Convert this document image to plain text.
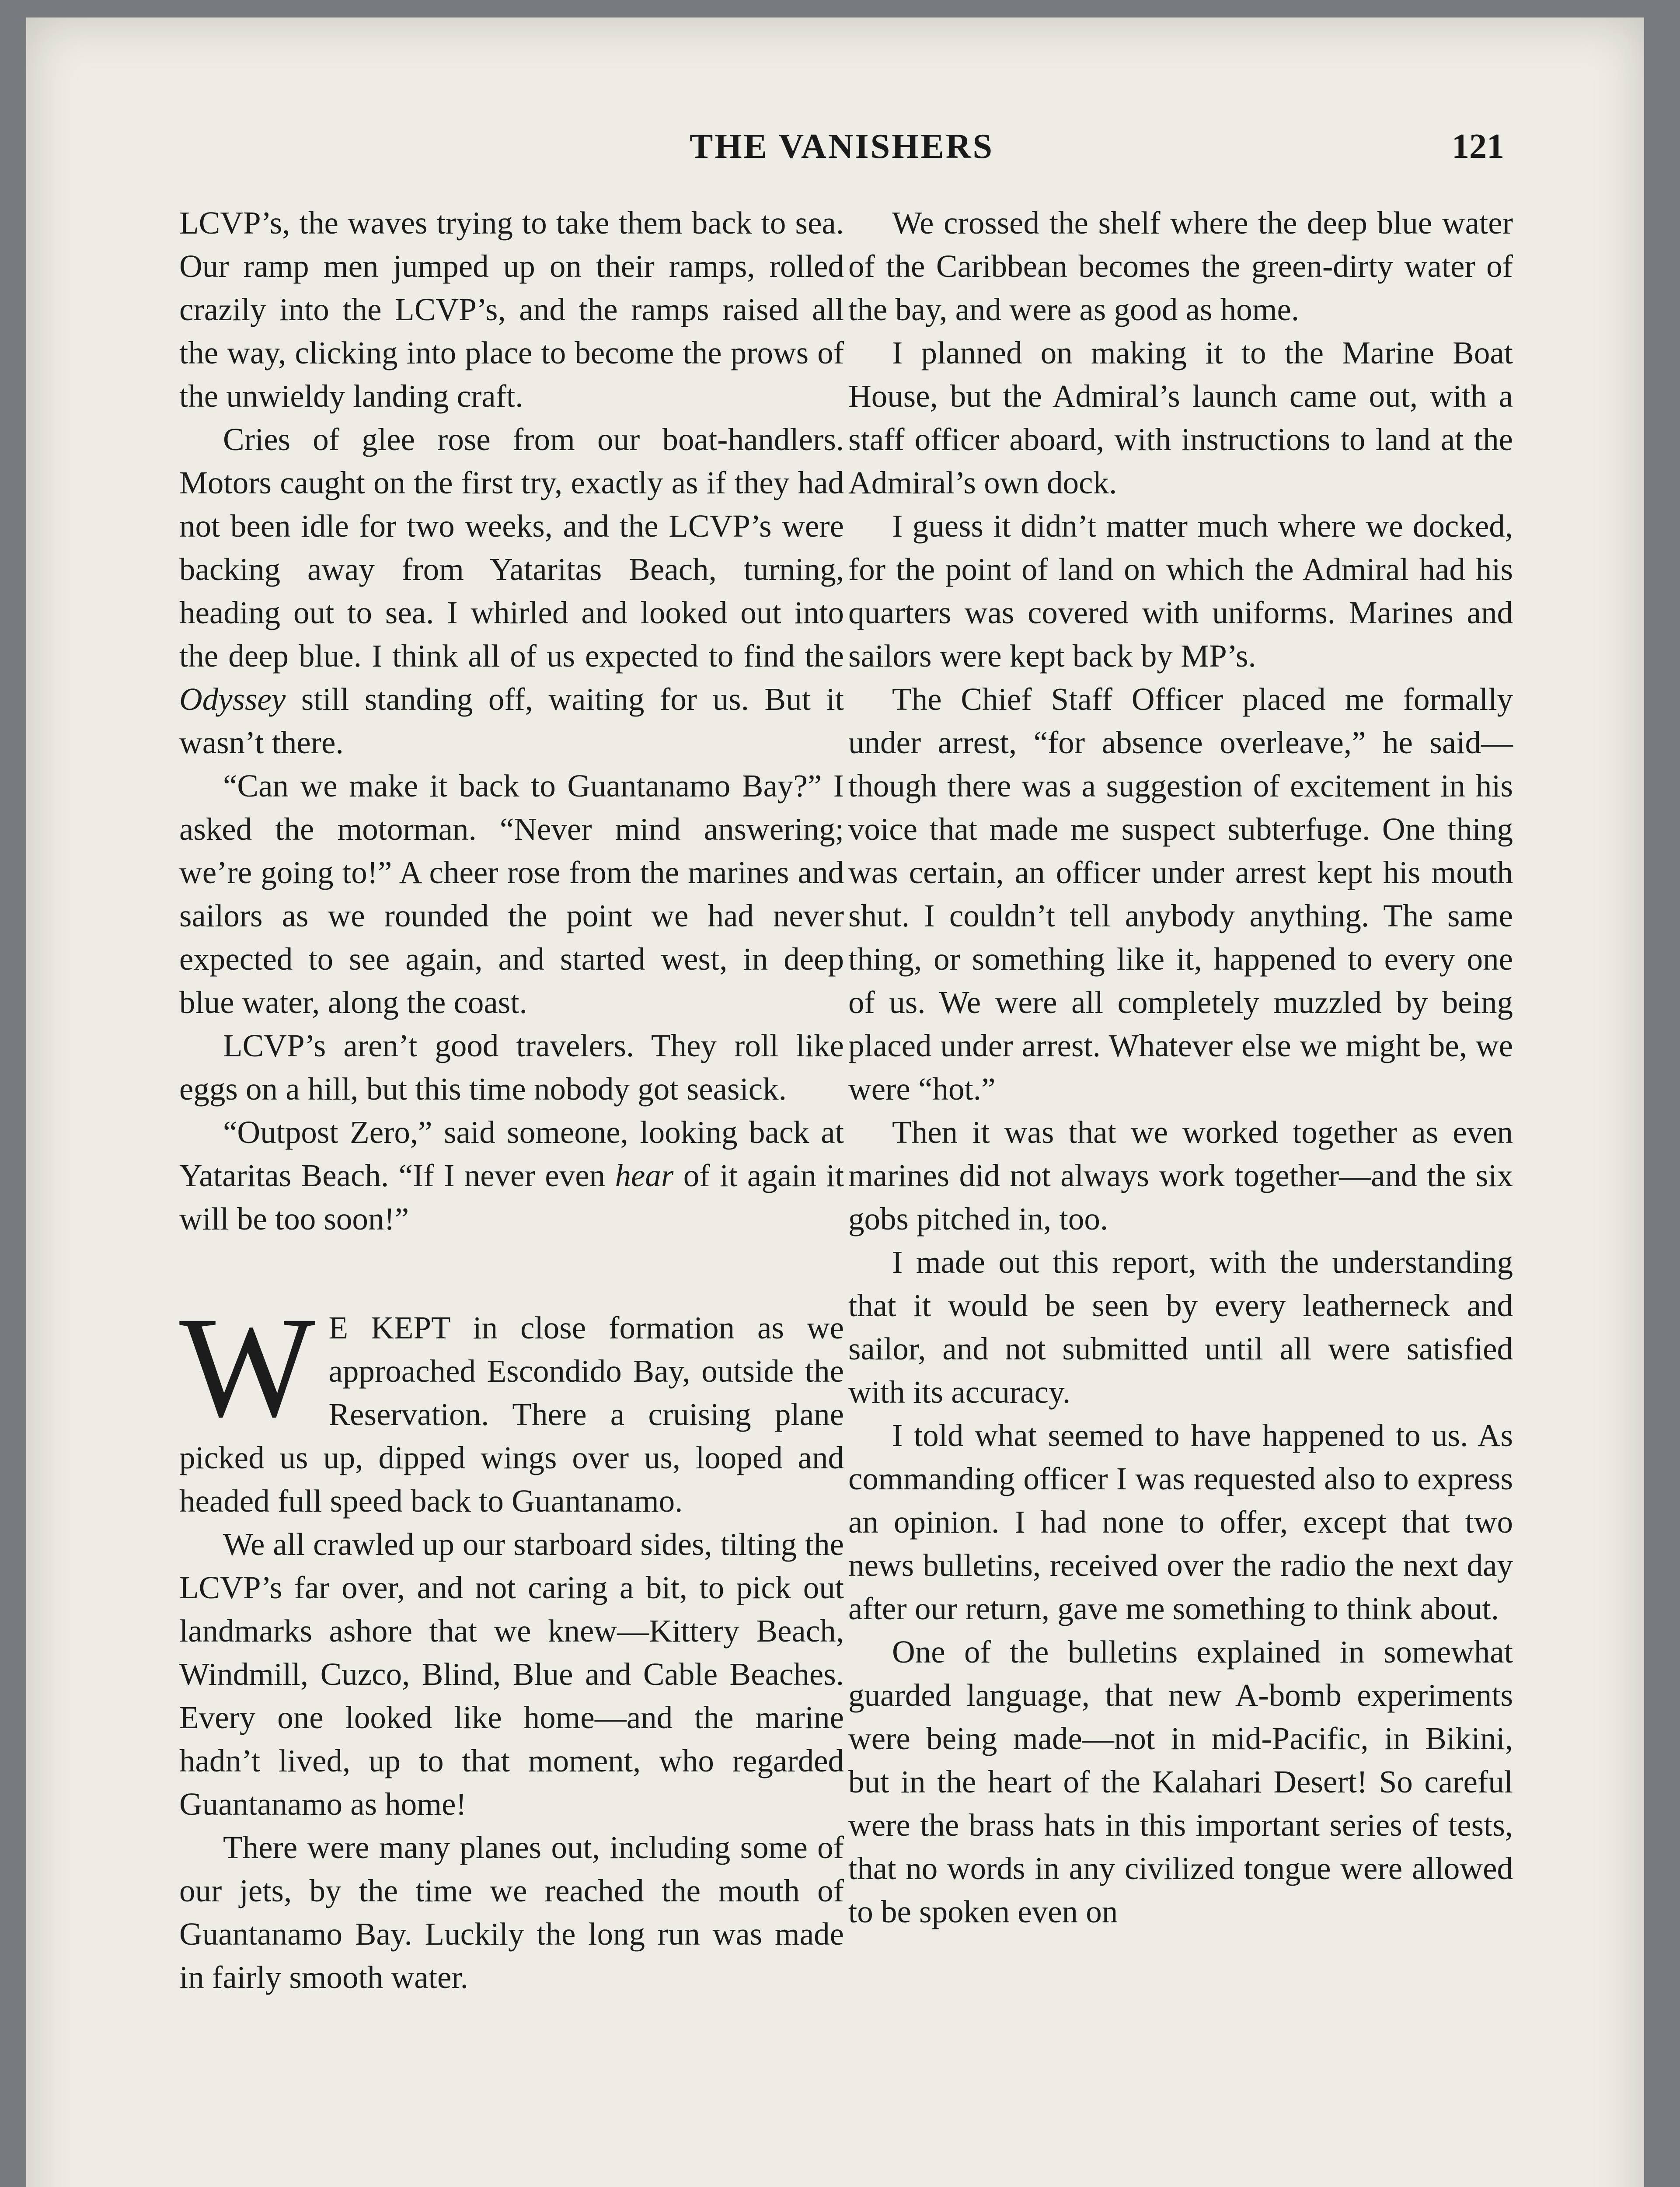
THE VANISHERS	121

LCVP’s, the waves trying to take them back to sea. Our ramp men jumped up on their ramps, rolled crazily into the LCVP’s, and the ramps raised all the way, clicking into place to become the prows of the unwieldy landing craft.

Cries of glee rose from our boat-handlers. Motors caught on the first try, exactly as if they had not been idle for two weeks, and the LCVP’s were backing away from Yataritas Beach, turning, heading out to sea. I whirled and looked out into the deep blue. I think all of us expected to find the Odyssey still standing off, waiting for us. But it wasn’t there.

“Can we make it back to Guantanamo Bay?” I asked the motorman. “Never mind answering; we’re going to!” A cheer rose from the marines and sailors as we rounded the point we had never expected to see again, and started west, in deep blue water, along the coast.

LCVP’s aren’t good travelers. They roll like eggs on a hill, but this time nobody got seasick.

“Outpost Zero,” said someone, looking back at Yataritas Beach. “If I never even hear of it again it will be too soon!”

W E KEPT in close formation as we approached Escondido Bay, outside the Reservation. There a cruising plane picked us up, dipped wings over us, looped and headed full speed back to Guantanamo.

We all crawled up our starboard sides, tilting the LCVP’s far over, and not caring a bit, to pick out landmarks ashore that we knew—Kittery Beach, Windmill, Cuzco, Blind, Blue and Cable Beaches. Every one looked like home—and the marine hadn’t lived, up to that moment, who regarded Guantanamo as home!

There were many planes out, including some of our jets, by the time we reached the mouth of Guantanamo Bay. Luckily the long run was made in fairly smooth water.

We crossed the shelf where the deep blue water of the Caribbean becomes the green-dirty water of the bay, and were as good as home.

I planned on making it to the Marine Boat House, but the Admiral’s launch came out, with a staff officer aboard, with instructions to land at the Admiral’s own dock.

I guess it didn’t matter much where we docked, for the point of land on which the Admiral had his quarters was covered with uniforms. Marines and sailors were kept back by MP’s.

The Chief Staff Officer placed me formally under arrest, “for absence overleave,” he said—though there was a suggestion of excitement in his voice that made me suspect subterfuge. One thing was certain, an officer under arrest kept his mouth shut. I couldn’t tell anybody anything. The same thing, or something like it, happened to every one of us. We were all completely muzzled by being placed under arrest. Whatever else we might be, we were “hot.”

Then it was that we worked together as even marines did not always work together—and the six gobs pitched in, too.

I made out this report, with the understanding that it would be seen by every leatherneck and sailor, and not submitted until all were satisfied with its accuracy.

I told what seemed to have happened to us. As commanding officer I was requested also to express an opinion. I had none to offer, except that two news bulletins, received over the radio the next day after our return, gave me something to think about.

One of the bulletins explained in somewhat guarded language, that new A-bomb experiments were being made—not in mid-Pacific, in Bikini, but in the heart of the Kalahari Desert! So careful were the brass hats in this important series of tests, that no words in any civilized tongue were allowed to be spoken even on
